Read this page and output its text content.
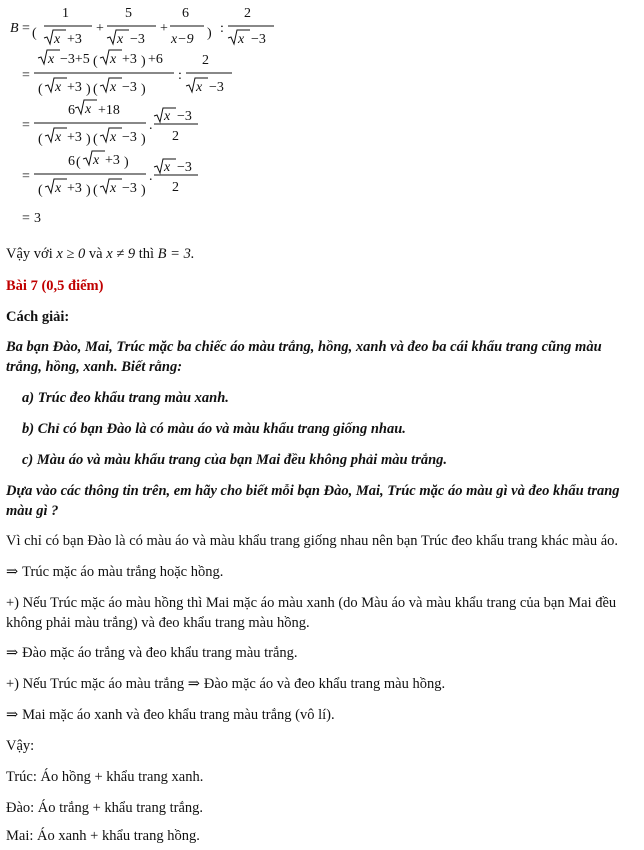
B = (
1
x +3
+
5
x −3
+
6
x−9 ) :
2
x −3
=
x −3+5 ( x +3 ) +6
( x +3 ) ( x −3 )
:
2
x −3
=
6 x +18
( x +3 ) ( x −3 )
.
x −3
2
=
6 ( x +3 )
( x +3 ) ( x −3 )
.
x −3
2
= 3

Vậy với x ≥ 0 và x ≠ 9 thì B = 3.

Bài 7 (0,5 điểm)

Cách giải:

Ba bạn Đào, Mai, Trúc mặc ba chiếc áo màu trắng, hồng, xanh và đeo ba cái khẩu trang cũng màu trắng, hồng, xanh. Biết rằng:

a) Trúc đeo khẩu trang màu xanh.

b) Chỉ có bạn Đào là có màu áo và màu khẩu trang giống nhau.

c) Màu áo và màu khẩu trang của bạn Mai đều không phải màu trắng.

Dựa vào các thông tin trên, em hãy cho biết mỗi bạn Đào, Mai, Trúc mặc áo màu gì và đeo khẩu trang màu gì ?

Vì chỉ có bạn Đào là có màu áo và màu khẩu trang giống nhau nên bạn Trúc đeo khẩu trang khác màu áo.

⇒ Trúc mặc áo màu trắng hoặc hồng.

+) Nếu Trúc mặc áo màu hồng thì Mai mặc áo màu xanh (do Màu áo và màu khẩu trang của bạn Mai đều không phải màu trắng) và đeo khẩu trang màu hồng.

⇒ Đào mặc áo trắng và đeo khẩu trang màu trắng.

+) Nếu Trúc mặc áo màu trắng ⇒ Đào mặc áo và đeo khẩu trang màu hồng.

⇒ Mai mặc áo xanh và đeo khẩu trang màu trắng (vô lí).

Vậy:

Trúc: Áo hồng + khẩu trang xanh.

Đào: Áo trắng + khẩu trang trắng.

Mai: Áo xanh + khẩu trang hồng.
